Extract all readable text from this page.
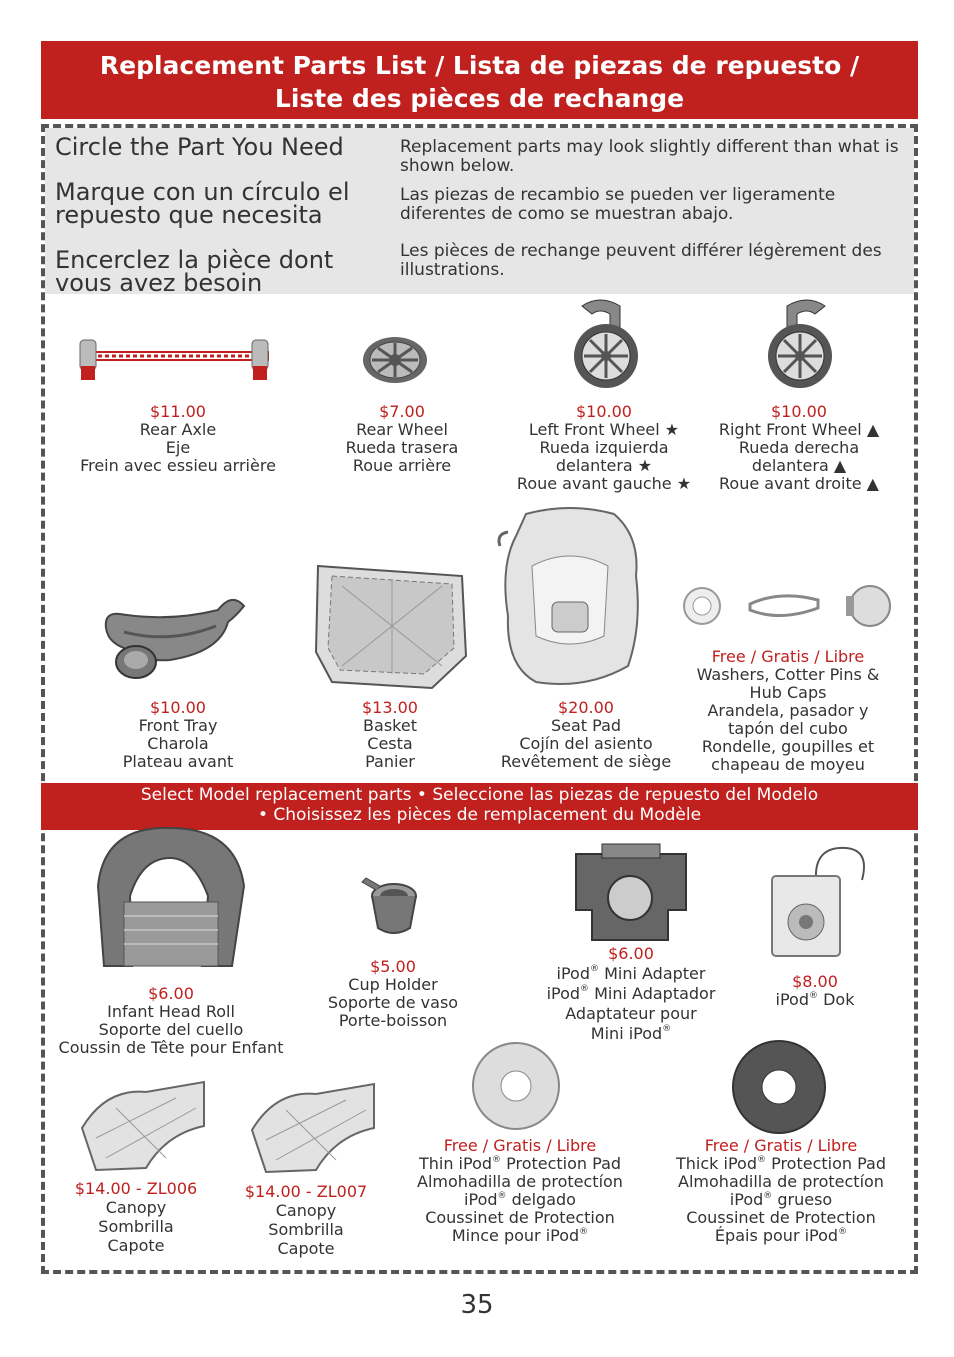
Replacement Parts List / Lista de piezas de repuesto /
Liste des pièces de rechange

Circle the Part You Need

Marque con un círculo el repuesto que necesita

Encerclez la pièce dont vous avez besoin

Replacement parts may look slightly different than what is shown below.

Las piezas de recambio se pueden ver ligeramente diferentes de como se muestran abajo.

Les pièces de rechange peuvent différer légèrement des illustrations.

$11.00
Rear Axle
Eje
Frein avec essieu arrière
$7.00
Rear Wheel
Rueda trasera
Roue arrière
$10.00
Left Front Wheel ★
Rueda izquierda
delantera ★
Roue avant gauche ★
$10.00
Right Front Wheel ▲
Rueda derecha
delantera ▲
Roue avant droite ▲
$10.00
Front Tray
Charola
Plateau avant
$13.00
Basket
Cesta
Panier
$20.00
Seat Pad
Cojín del asiento
Revêtement de siège
Free / Gratis / Libre
Washers, Cotter Pins &
Hub Caps
Arandela, pasador y
tapón del cubo
Rondelle, goupilles et
chapeau de moyeu
Select Model replacement parts • Seleccione las piezas de repuesto del Modelo
• Choisissez les pièces de remplacement du Modèle
$6.00
Infant Head Roll
Soporte del cuello
Coussin de Tête pour Enfant
$5.00
Cup Holder
Soporte de vaso
Porte-boisson
$6.00
iPod® Mini Adapter
iPod® Mini Adaptador
Adaptateur pour
Mini iPod®
$8.00
iPod® Dok
$14.00 - ZL006
Canopy
Sombrilla
Capote
$14.00 - ZL007
Canopy
Sombrilla
Capote
Free / Gratis / Libre
Thin iPod® Protection Pad
Almohadilla de protectíon
iPod® delgado
Coussinet de Protection
Mince pour iPod®
Free / Gratis / Libre
Thick iPod® Protection Pad
Almohadilla de protectíon
iPod® grueso
Coussinet de Protection
Épais pour iPod®
35
